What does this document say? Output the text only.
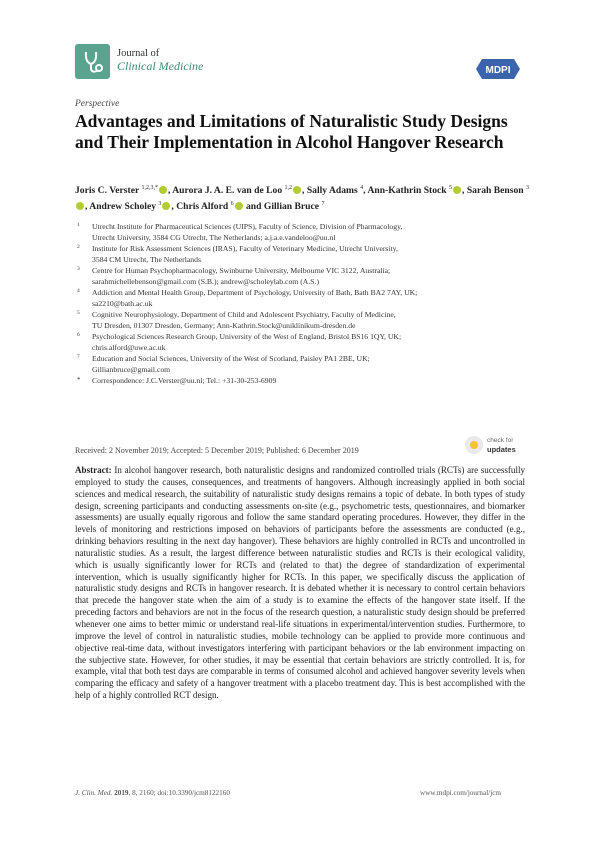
Journal of
Clinical Medicine	MDPI
Perspective
Advantages and Limitations of Naturalistic Study Designs and Their Implementation in Alcohol Hangover Research
Joris C. Verster $^{1,2,3,*}$ , Aurora J. A. E. van de Loo $^{1,2}$ , Sally Adams $^4$, Ann-Kathrin Stock $^5$ , Sarah Benson $^3$, Andrew Scholey $^3$ , Chris Alford $^6$ and Gillian Bruce $^7$
1 Utrecht Institute for Pharmaceutical Sciences (UIPS), Faculty of Science, Division of Pharmacology,
Utrecht University, 3584 CG Utrecht, The Netherlands; a.j.a.e.vandeloo@uu.nl
2 Institute for Risk Assessment Sciences (IRAS), Faculty of Veterinary Medicine, Utrecht University,
3584 CM Utrecht, The Netherlands
3 Centre for Human Psychopharmacology, Swinburne University, Melbourne VIC 3122, Australia;
sarahmichellebenson@gmail.com (S.B.); andrew@scholeylab.com (A.S.)
4 Addiction and Mental Health Group, Department of Psychology, University of Bath, Bath BA2 7AY, UK;
sa2210@bath.ac.uk
5 Cognitive Neurophysiology, Department of Child and Adolescent Psychiatry, Faculty of Medicine,
TU Dresden, 01307 Dresden, Germany; Ann-Kathrin.Stock@uniklinikum-dresden.de
6 Psychological Sciences Research Group, University of the West of England, Bristol BS16 1QY, UK;
chris.alford@uwe.ac.uk
7 Education and Social Sciences, University of the West of Scotland, Paisley PA1 2BE, UK;
Gillianbruce@gmail.com
* Correspondence: J.C.Verster@uu.nl; Tel.: +31-30-253-6909
Received: 2 November 2019; Accepted: 5 December 2019; Published: 6 December 2019
check for
updates
Abstract: In alcohol hangover research, both naturalistic designs and randomized controlled trials (RCTs) are successfully employed to study the causes, consequences, and treatments of hangovers. Although increasingly applied in both social sciences and medical research, the suitability of naturalistic study designs remains a topic of debate. In both types of study design, screening participants and conducting assessments on-site (e.g., psychometric tests, questionnaires, and biomarker assessments) are usually equally rigorous and follow the same standard operating procedures. However, they differ in the levels of monitoring and restrictions imposed on behaviors of participants before the assessments are conducted (e.g., drinking behaviors resulting in the next day hangover). These behaviors are highly controlled in RCTs and uncontrolled in naturalistic studies. As a result, the largest difference between naturalistic studies and RCTs is their ecological validity, which is usually significantly lower for RCTs and (related to that) the degree of standardization of experimental intervention, which is usually significantly higher for RCTs. In this paper, we specifically discuss the application of naturalistic study designs and RCTs in hangover research. It is debated whether it is necessary to control certain behaviors that precede the hangover state when the aim of a study is to examine the effects of the hangover state itself. If the preceding factors and behaviors are not in the focus of the research question, a naturalistic study design should be preferred whenever one aims to better mimic or understand real-life situations in experimental/intervention studies. Furthermore, to improve the level of control in naturalistic studies, mobile technology can be applied to provide more continuous and objective real-time data, without investigators interfering with participant behaviors or the lab environment impacting on the subjective state. However, for other studies, it may be essential that certain behaviors are strictly controlled. It is, for example, vital that both test days are comparable in terms of consumed alcohol and achieved hangover severity levels when comparing the efficacy and safety of a hangover treatment with a placebo treatment day. This is best accomplished with the help of a highly controlled RCT design.
J. Clin. Med. 2019, 8, 2160; doi:10.3390/jcm8122160	www.mdpi.com/journal/jcm
